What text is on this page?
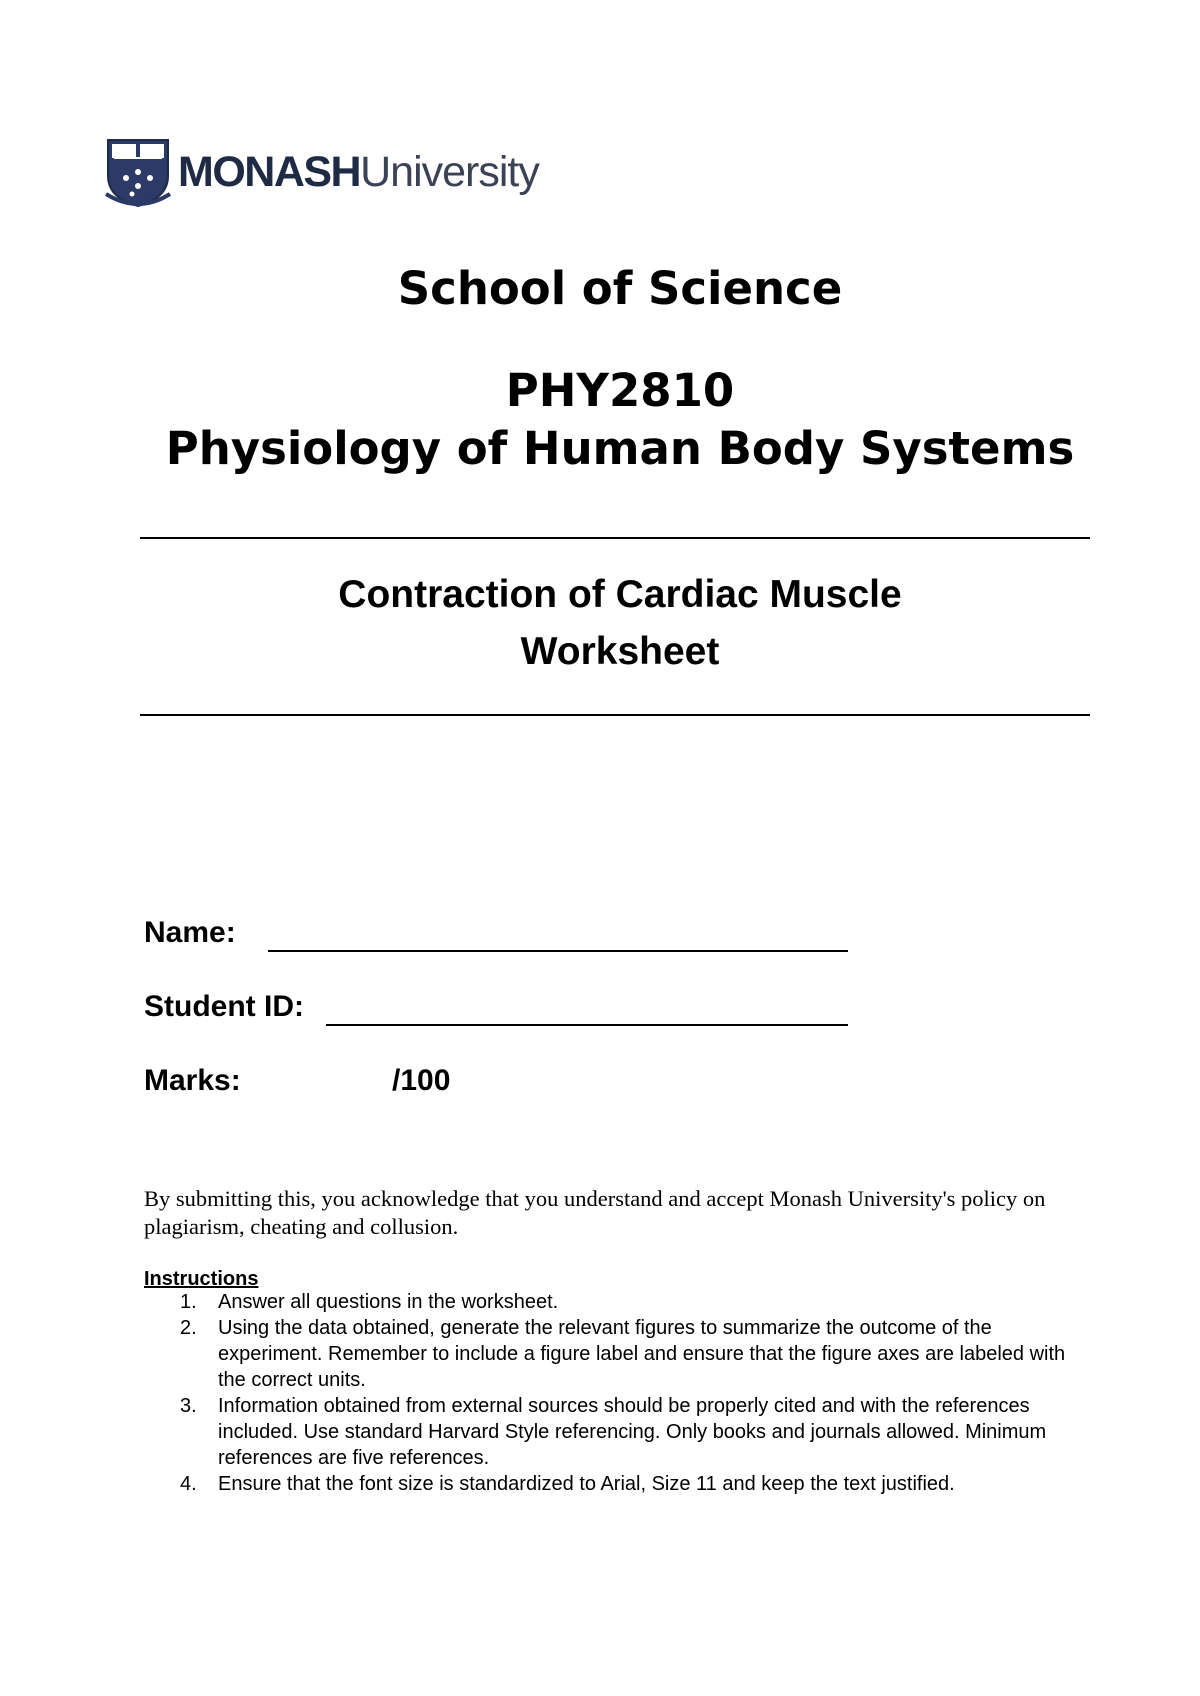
MONASHUniversity
School of Science
PHY2810
Physiology of Human Body Systems
Contraction of Cardiac Muscle
Worksheet
Name:
Student ID:
Marks:	/100
By submitting this, you acknowledge that you understand and accept Monash University's policy on plagiarism, cheating and collusion.
Instructions
1. Answer all questions in the worksheet.
2. Using the data obtained, generate the relevant figures to summarize the outcome of the experiment. Remember to include a figure label and ensure that the figure axes are labeled with the correct units.
3. Information obtained from external sources should be properly cited and with the references included. Use standard Harvard Style referencing. Only books and journals allowed. Minimum references are five references.
4. Ensure that the font size is standardized to Arial, Size 11 and keep the text justified.
